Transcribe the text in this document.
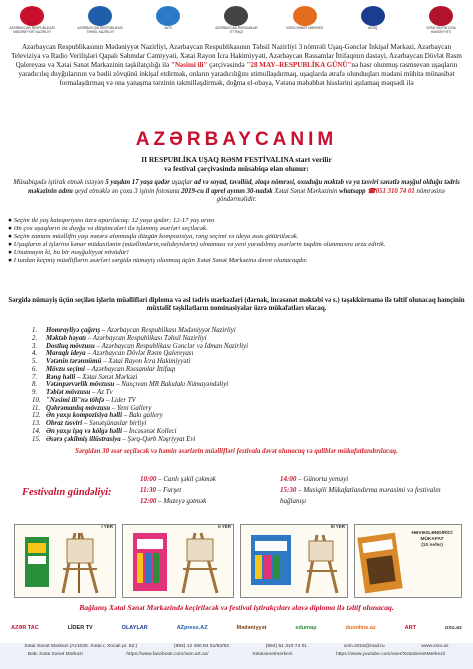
AZƏRBAYCAN RESPUBLİKASI MƏDƏNİYYƏT NAZİRLİYİ
AZƏRBAYCAN RESPUBLİKASI TƏHSİL NAZİRLİYİ
AzTV	AZƏRBAYCAN RƏSSAMLAR İTTİFAQI
XƏTAİ SƏNƏT MƏRKƏZİ	ADRQ	XƏTAİ RAYON İCRA HAKİMİYYƏTİ
Azərbaycan Respublikasının Mədəniyyət Nazirliyi, Azərbaycan Respublikasının Təhsil Nazirliyi 3 nömrəli Uşaq-Gənclər İnkişaf Mərkəzi, Azərbaycan Televiziya və Radio Verilişləri Qapalı Səhmdar Cəmiyyəti, Xətai Rayon İcra Hakimiyyəti, Azərbaycan Rəssamlar İttifaqının dəstəyi, Azərbaycan Dövlət Rəsm Qalereyası və Xətai Sənət Mərkəzinin təşkilatçılığı ilə "Nəsimi ili" çərçivəsində "28 MAY–RESPUBLİKA GÜNÜ"nə həsr olunmuş rəsmsevən uşaqların yaradıcılıq duyğularının və bədii zövqünü inkişaf etdirmək, onların yaradıcılığını stimullaşdırmaq, uşaqlarda ətrafa olunduqları mədəni mühitə münasibət formalaşdırmaq və ona yanaşma tərzinin təkmilləşdirmək, doğma el-obaya, Vətənə məhəbbət hisslərini aşılamaq məqsədi ilə
AZƏRBAYCANIM
II RESPUBLİKA UŞAQ RƏSM FESTİVALINA start verilir
və festival çərçivəsində müsabiqə elan olunur:
Müsabiqədə iştirak etmək istəyən 5 yaşdan 17 yaşa qədər uşaqlar ad və soyad, təvəllüd, əlaqə nömrəsi, oxuduğu məktəb və ya təsviri sənətlə məşğul olduğu tədris məkəzinin adını qeyd etməklə ən çoxu 3 işinin fotosunu 2019-cu il aprel ayının 30-nadək Xətai Sənət Mərkəzinin whatsapp ☎051 310 74 01 nömrəsinə göndərməlidir.
● Seçim iki yaş kateqoriyası üzrə aparılacaq: 12 yaşa qədər; 12-17 yaş arası
● Ən çox uşaqların öz duyğu və düşüncələri ilə işlənmiş əsərləri seçiləcək.
● Seçim zamanı müəllifin yaşı nəzərə alınmaqla düzgün kompozisiya, rəng seçimi və ideya əsas götürüləcək.
● Uşaqların əl işlərinə kənar müdaxilənin (müəllimlərin,valideynlərin) olmaması və yeni yaradılmış əsərlərin təqdim olunmasını arzu edirik.
● Unutmayın ki, bu bir məşğuliyyət növüdür!
● I turdan keçmiş müəlliflərin əsərləri sərgidə nümayiş olunmaq üçün Xətai Sənət Mərkəzinə dəvət olunacaqdır.
Sərgidə nümayiş üçün seçilən işlərin müəllifləri diploma və əsl tədris mərkəzləri (dərnək, incəsənət məktəbi və s.) təşəkkürnamə ilə təltif olunacaq həmçinin müxtəlif təşkilatların nominasiyalar üzrə mükafatları olacaq.
1. Homrayliyə çağırış – Azərbaycan Respublikası Mədəniyyət Nazirliyi
2. Məktəb həyatı – Azərbaycan Respublikası Təhsil Nazirliyi
3. Dostluq mövzusu – Azərbaycan Respublikası Gənclər və İdman Nazirliyi
4. Maraqlı ideya – Azərbaycan Dövlət Rəsm Qalereyası
5. Vətənin tərənnümü – Xətai Rayon İcra Hakimiyyəti
6. Mövzu seçimi – Azərbaycan Rəssamlar İttifaqı
7. Rəng həlli – Xətai Sənət Mərkəzi
8. Vətənpərvərlik mövzusu – Naxçıvan MR Bakıdakı Nümayəndəliyi
9. Təbiət mövzusu – Az Tv
10. "Nəsimi ili"nə töhfə – Lider TV
11. Qəhrəmanlıq mövzusu – Yeni Gallery
12. Ən yaxşı kompozisiya həlli – Bakı gallery
13. Obraz təsviri – Sənətşünaslar birliyi
14. Ən yaxşı işıq və kölgə həlli – İncəsənət Kolleci
15. Əsərə çəkilmiş illüstrasiya – Şərq-Qərb Nəşriyyat Evi
Sərgidən 30 əsər seçiləcək və həmin əsərlərin müəllifləri festivala dəvət olunacaq və qaliblər mükafatlandırılacaq.
Festivalın gündəliyi:
10:00 – Canlı şəkil çəkmək
11:30 – Furşet
12:00 – Muzeyə gətmək
14:00 – Günorta yeməyi
15:30 – Musiqili Mükafatlandırma mərasimi və festivalın bağlanışı
I YER	II YER	III YER
HƏVƏSLƏNDİRİCİ MÜKAFAT
(10 nəfər)
Bağlanış Xətai Sənət Mərkəzində keçiriləcək və festival iştirakçıları əlavə diploma ilə təltif olunacaq.
AZƏR TAC	LİDER TV	OLAYLAR	AZpress.AZ	Mədəniyyət	edumap	duonline.az	ART	oxu.az
Xətai Sənət Mərkəzi (Az1025. Xətai r, Xocalı pr. 62.)	(994) 12 490 84 51/52/53	(994) 51 310 74 01	xsm.2016@mail.ru	www.xsm.az
Bakı Xətai Sənət Mərkəzi	https://www.facebook.com/xsm.art.az/	Xetaisenetmerkezi	https://www.youtube.com/user/XetaiSenetMerkezi/
